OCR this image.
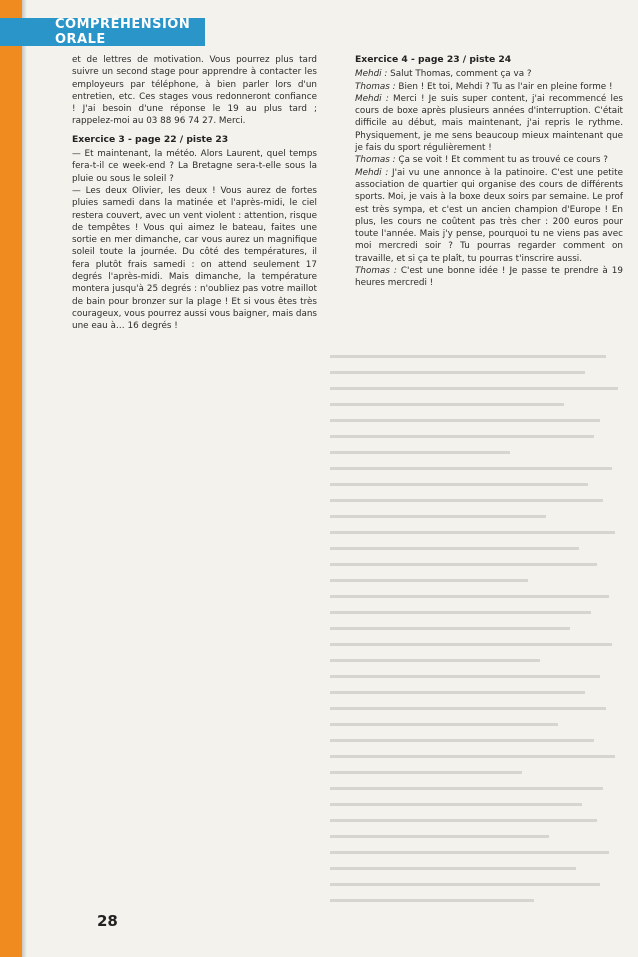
COMPRÉHENSION ORALE

et de lettres de motivation. Vous pourrez plus tard suivre un second stage pour apprendre à contacter les employeurs par téléphone, à bien parler lors d'un entretien, etc. Ces stages vous redonneront confiance ! J'ai besoin d'une réponse le 19 au plus tard ; rappelez-moi au 03 88 96 74 27. Merci.

Exercice 3 - page 22 / piste 23

— Et maintenant, la météo. Alors Laurent, quel temps fera-t-il ce week-end ? La Bretagne sera-t-elle sous la pluie ou sous le soleil ?

— Les deux Olivier, les deux ! Vous aurez de fortes pluies samedi dans la matinée et l'après-midi, le ciel restera couvert, avec un vent violent : attention, risque de tempêtes ! Vous qui aimez le bateau, faites une sortie en mer dimanche, car vous aurez un magnifique soleil toute la journée. Du côté des températures, il fera plutôt frais samedi : on attend seulement 17 degrés l'après-midi. Mais dimanche, la température montera jusqu'à 25 degrés : n'oubliez pas votre maillot de bain pour bronzer sur la plage ! Et si vous êtes très courageux, vous pourrez aussi vous baigner, mais dans une eau à… 16 degrés !

Exercice 4 - page 23 / piste 24

Mehdi : Salut Thomas, comment ça va ?

Thomas : Bien ! Et toi, Mehdi ? Tu as l'air en pleine forme !

Mehdi : Merci ! Je suis super content, j'ai recommencé les cours de boxe après plusieurs années d'interruption. C'était difficile au début, mais maintenant, j'ai repris le rythme. Physiquement, je me sens beaucoup mieux maintenant que je fais du sport régulièrement !

Thomas : Ça se voit ! Et comment tu as trouvé ce cours ?

Mehdi : J'ai vu une annonce à la patinoire. C'est une petite association de quartier qui organise des cours de différents sports. Moi, je vais à la boxe deux soirs par semaine. Le prof est très sympa, et c'est un ancien champion d'Europe ! En plus, les cours ne coûtent pas très cher : 200 euros pour toute l'année. Mais j'y pense, pourquoi tu ne viens pas avec moi mercredi soir ? Tu pourras regarder comment on travaille, et si ça te plaît, tu pourras t'inscrire aussi.

Thomas : C'est une bonne idée ! Je passe te prendre à 19 heures mercredi !

28
